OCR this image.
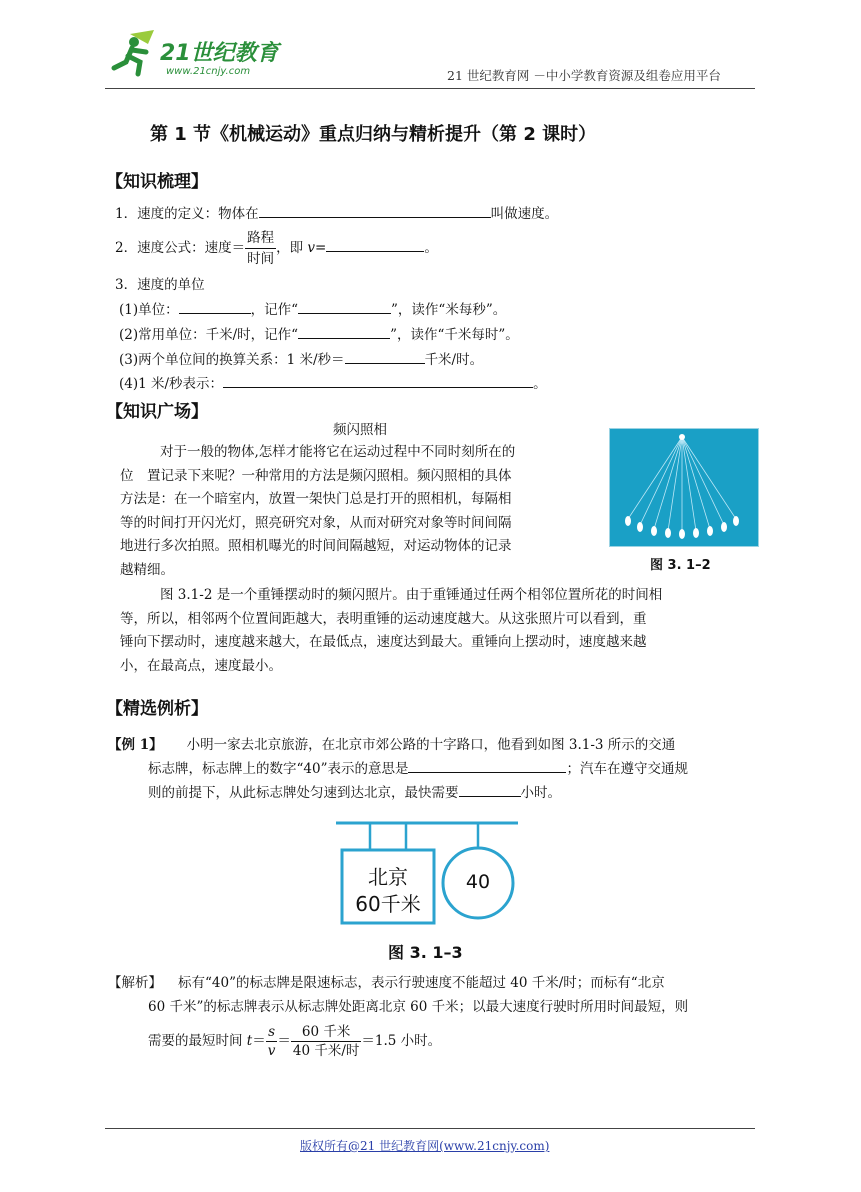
21世纪教育
www.21cnjy.com	21 世纪教育网 －中小学教育资源及组卷应用平台
第 1 节《机械运动》重点归纳与精析提升（第 2 课时）
【知识梳理】
1．速度的定义：物体在	叫做速度。
2．速度公式：速度＝ $\frac{\text{路程}}{\text{时间}}$ ，即 v=	。
3．速度的单位
(1)单位：	，记作“	”，读作“米每秒”。
(2)常用单位：千米/时，记作“	”，读作“千米每时”。
(3)两个单位间的换算关系：1 米/秒＝	千米/时。
(4)1 米/秒表示：	。
【知识广场】
频闪照相
对于一般的物体,怎样才能将它在运动过程中不同时刻所在的
位　置记录下来呢？一种常用的方法是频闪照相。频闪照相的具体
方法是：在一个暗室内，放置一架快门总是打开的照相机，每隔相
等的时间打开闪光灯，照亮研究对象，从而对研究对象等时间间隔
地进行多次拍照。照相机曝光的时间间隔越短，对运动物体的记录
越精细。	图 3. 1–2
图 3.1-2 是一个重锤摆动时的频闪照片。由于重锤通过任两个相邻位置所花的时间相
等，所以，相邻两个位置间距越大，表明重锤的运动速度越大。从这张照片可以看到，重
锤向下摆动时，速度越来越大，在最低点，速度达到最大。重锤向上摆动时，速度越来越
小，在最高点，速度最小。
【精选例析】
【例 1】 小明一家去北京旅游，在北京市郊公路的十字路口，他看到如图 3.1-3 所示的交通
标志牌，标志牌上的数字“40”表示的意思是	；汽车在遵守交通规
则的前提下，从此标志牌处匀速到达北京，最快需要	小时。
北京
60千米
40
图 3. 1–3
【解析】 标有“40”的标志牌是限速标志，表示行驶速度不能超过 40 千米/时；而标有“北京
60 千米”的标志牌表示从标志牌处距离北京 60 千米；以最大速度行驶时所用时间最短，则
需要的最短时间 $t= \frac{s}{v} = \frac{\text{60 千米}}{\text{40 千米/时}} =1.5$ 小时。
版权所有@21 世纪教育网(www.21cnjy.com)
